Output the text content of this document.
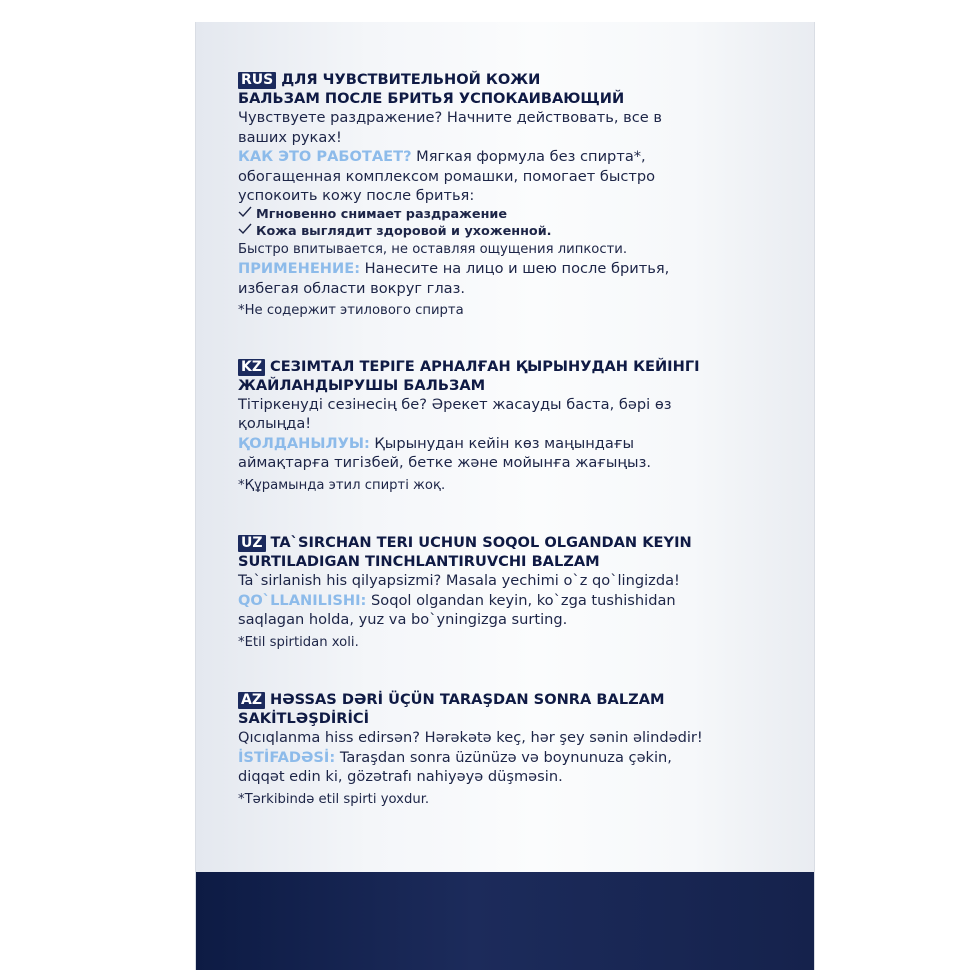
RUS ДЛЯ ЧУВСТВИТЕЛЬНОЙ КОЖИ
БАЛЬЗАМ ПОСЛЕ БРИТЬЯ УСПОКАИВАЮЩИЙ
Чувствуете раздражение? Начните действовать, все в ваших руках!
КАК ЭТО РАБОТАЕТ? Мягкая формула без спирта*, обогащенная комплексом ромашки, помогает быстро успокоить кожу после бритья:
Мгновенно снимает раздражение
Кожа выглядит здоровой и ухоженной.
Быстро впитывается, не оставляя ощущения липкости.
ПРИМЕНЕНИЕ: Нанесите на лицо и шею после бритья, избегая области вокруг глаз.
*Не содержит этилового спирта
KZ СЕЗІМТАЛ ТЕРІГЕ АРНАЛҒАН ҚЫРЫНУДАН КЕЙІНГІ
ЖАЙЛАНДЫРУШЫ БАЛЬЗАМ
Тітіркенуді сезінесің бе? Әрекет жасауды баста, бәрі өз қолыңда!
ҚОЛДАНЫЛУЫ: Қырынудан кейін көз маңындағы аймақтарға тигізбей, бетке және мойынға жағыңыз.
*Құрамында этил спирті жоқ.
UZ TA`SIRCHAN TERI UCHUN SOQOL OLGANDAN KEYIN
SURTILADIGAN TINCHLANTIRUVCHI BALZAM
Ta`sirlanish his qilyapsizmi? Masala yechimi o`z qo`lingizda!
QO`LLANILISHI: Soqol olgandan keyin, ko`zga tushishidan saqlagan holda, yuz va bo`yningizga surting.
*Etil spirtidan xoli.
AZ HƏSSAS DƏRİ ÜÇÜN TARAŞDAN SONRA BALZAM
SAKİTLƏŞDİRİCİ
Qıcıqlanma hiss edirsən? Hərəkətə keç, hər şey sənin əlindədir!
İSTİFADƏSİ: Taraşdan sonra üzünüzə və boynunuza çəkin, diqqət edin ki, gözətrafı nahiyəyə düşməsin.
*Tərkibində etil spirti yoxdur.
